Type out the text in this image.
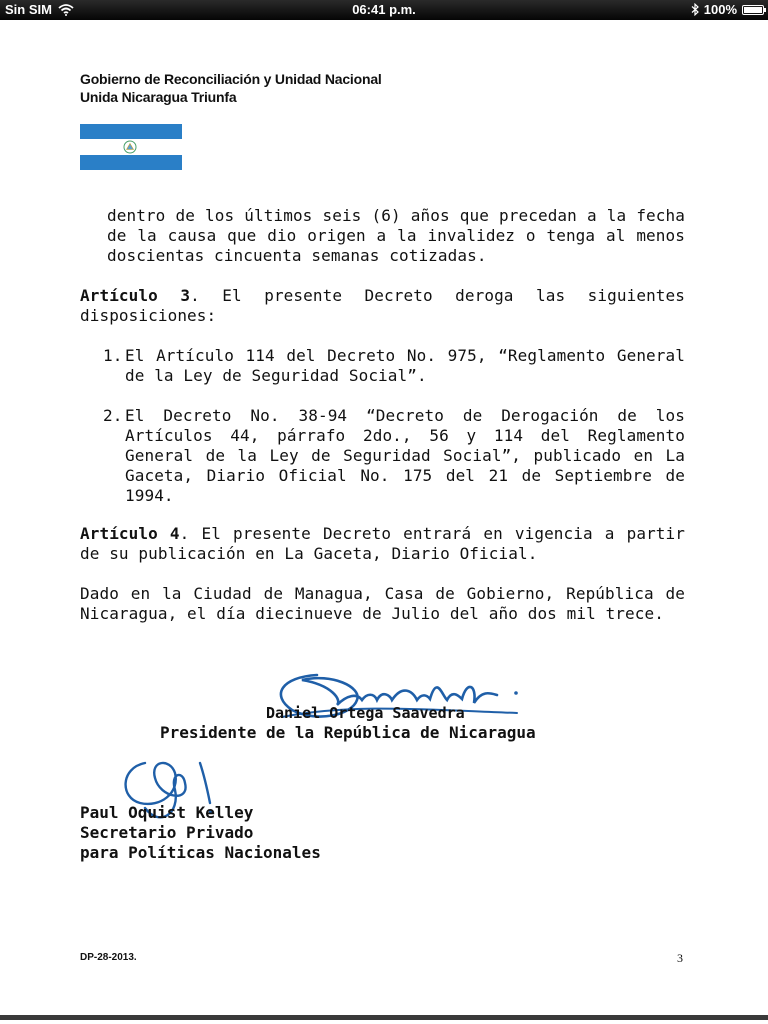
Sin SIM	06:41 p.m.	100%
Gobierno de Reconciliación y Unidad Nacional
Unida Nicaragua Triunfa
dentro de los últimos seis (6) años que precedan a la fecha de la causa que dio origen a la invalidez o tenga al menos doscientas cincuenta semanas cotizadas.
Artículo 3. El presente Decreto deroga las siguientes disposiciones:
1. El Artículo 114 del Decreto No. 975, “Reglamento General de la Ley de Seguridad Social”.
2. El Decreto No. 38-94 “Decreto de Derogación de los Artículos 44, párrafo 2do., 56 y 114 del Reglamento General de la Ley de Seguridad Social”, publicado en La Gaceta, Diario Oficial No. 175 del 21 de Septiembre de 1994.
Artículo 4. El presente Decreto entrará en vigencia a partir de su publicación en La Gaceta, Diario Oficial.
Dado en la Ciudad de Managua, Casa de Gobierno, República de Nicaragua, el día diecinueve de Julio del año dos mil trece.
Daniel Ortega Saavedra
Presidente de la República de Nicaragua
Paul Oquist Kelley
Secretario Privado
para Políticas Nacionales
DP-28-2013.	3
